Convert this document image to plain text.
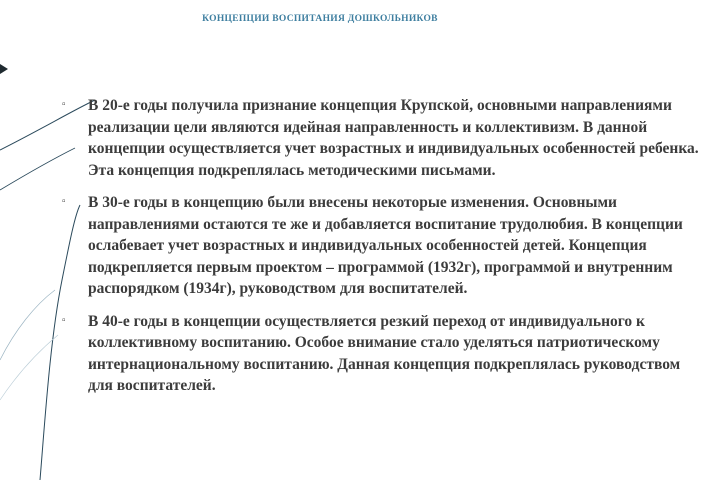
КОНЦЕПЦИИ ВОСПИТАНИЯ ДОШКОЛЬНИКОВ
▫ В 20-е годы получила признание концепция Крупской, основными направлениями реализации цели являются идейная направленность и коллективизм. В данной концепции осуществляется учет возрастных и индивидуальных особенностей ребенка. Эта концепция подкреплялась методическими письмами.
▫ В 30-е годы в концепцию были внесены некоторые изменения. Основными направлениями остаются те же и добавляется воспитание трудолюбия. В концепции ослабевает учет возрастных и индивидуальных особенностей детей. Концепция подкрепляется первым проектом – программой (1932г), программой и внутренним распорядком (1934г), руководством для воспитателей.
▫ В 40-е годы в концепции осуществляется резкий переход от индивидуального к коллективному воспитанию. Особое внимание стало уделяться патриотическому интернациональному воспитанию. Данная концепция подкреплялась руководством для воспитателей.
